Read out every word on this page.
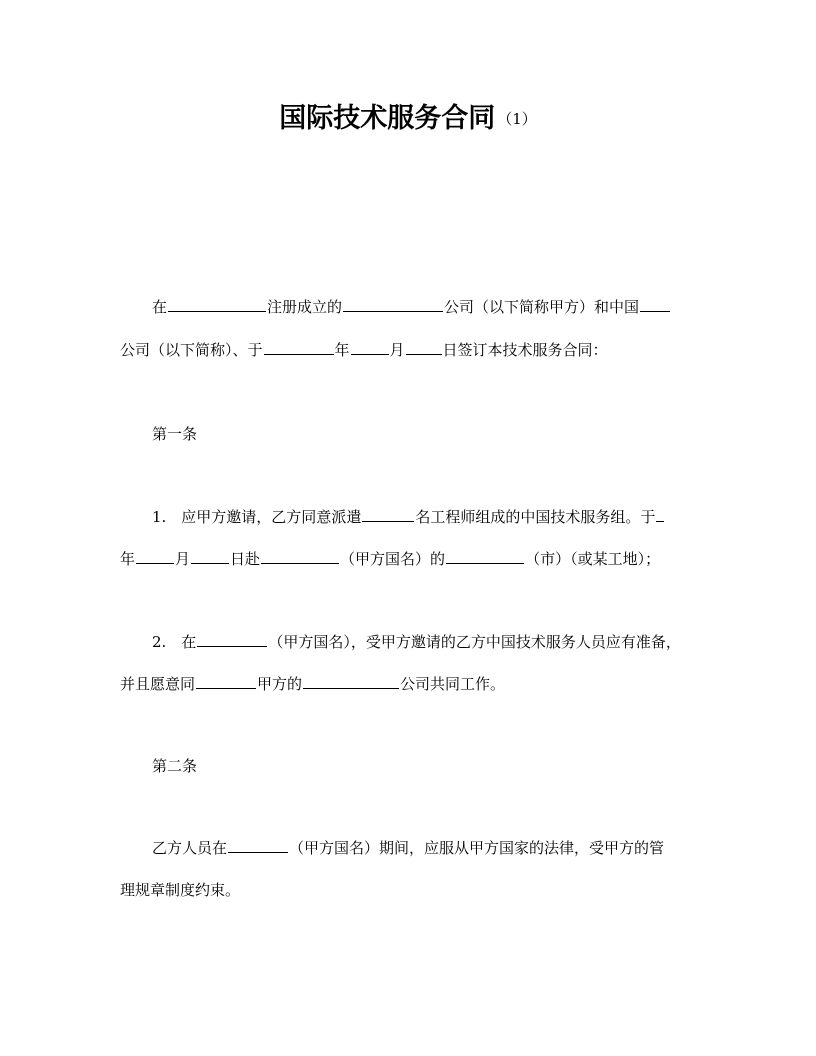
国际技术服务合同 （1）
在	注册成立的	公司（以下简称甲方）和中国
公司（以下简称）、于	年	月	日签订本技术服务合同：
第一条
1.　应甲方邀请，乙方同意派遣	名工程师组成的中国技术服务组。于
年	月	日赴	（甲方国名）的	（市）（或某工地）；
2.　在	（甲方国名），受甲方邀请的乙方中国技术服务人员应有准备，
并且愿意同	甲方的	公司共同工作。
第二条
乙方人员在	（甲方国名）期间，应服从甲方国家的法律，受甲方的管
理规章制度约束。
